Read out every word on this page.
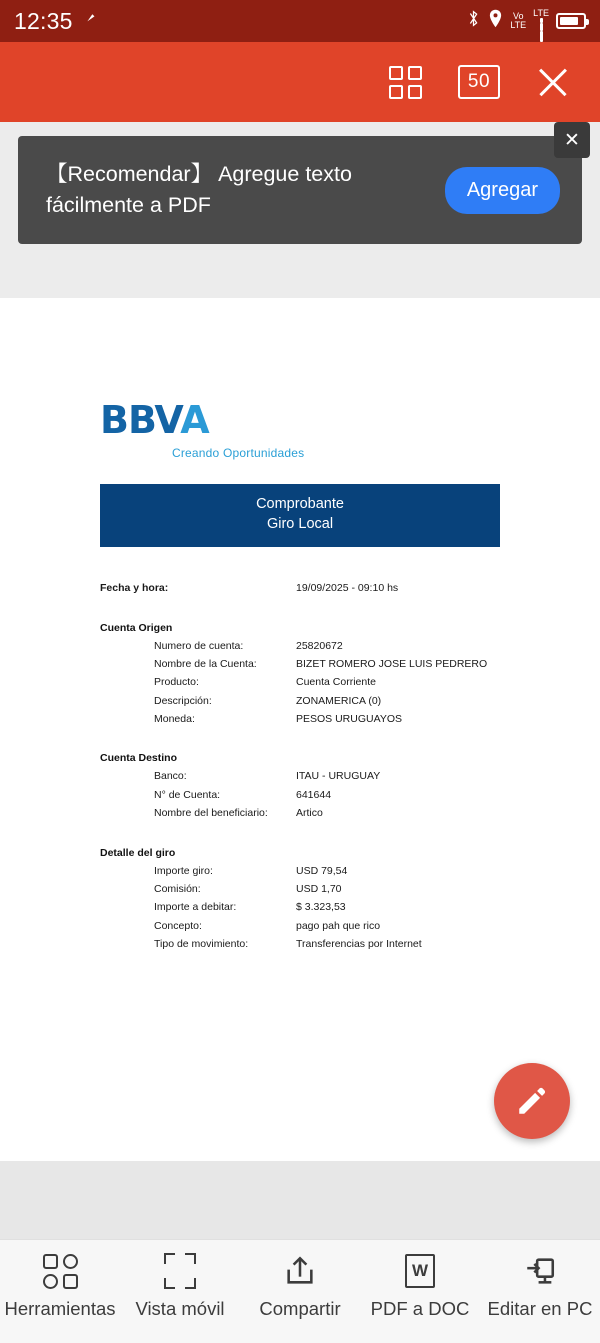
12:35	Vo
LTE
LTE
50
【Recomendar】 Agregue texto fácilmente a PDF
Agregar
✕
BBVA
Creando Oportunidades
Comprobante
Giro Local
Fecha y hora:	19/09/2025 - 09:10 hs
Cuenta Origen
Numero de cuenta:	25820672
Nombre de la Cuenta:	BIZET ROMERO JOSE LUIS PEDRERO
Producto:	Cuenta Corriente
Descripción:	ZONAMERICA (0)
Moneda:	PESOS URUGUAYOS
Cuenta Destino
Banco:	ITAU - URUGUAY
N° de Cuenta:	641644
Nombre del beneficiario:	Artico
Detalle del giro
Importe giro:	USD 79,54
Comisión:	USD 1,70
Importe a debitar:	$ 3.323,53
Concepto:	pago pah que rico
Tipo de movimiento:	Transferencias por Internet
Herramientas Vista móvil Compartir
W
PDF a DOC Editar en PC
